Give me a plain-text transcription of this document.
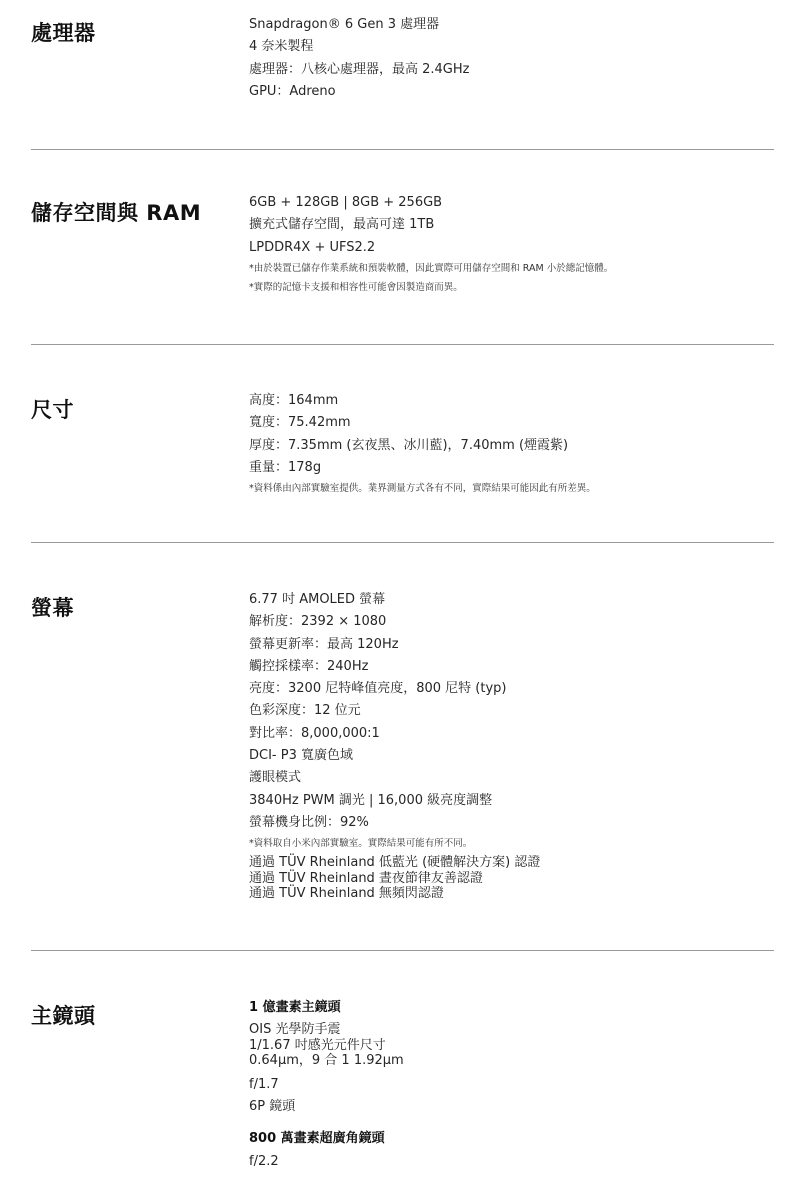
處理器	Snapdragon® 6 Gen 3 處理器
4 奈米製程
處理器：八核心處理器，最高 2.4GHz
GPU：Adreno
儲存空間與 RAM	6GB + 128GB | 8GB + 256GB
擴充式儲存空間，最高可達 1TB
LPDDR4X + UFS2.2
*由於裝置已儲存作業系統和預裝軟體，因此實際可用儲存空間和 RAM 小於總記憶體。
*實際的記憶卡支援和相容性可能會因製造商而異。
尺寸	高度：164mm
寬度：75.42mm
厚度：7.35mm (玄夜黑、冰川藍)，7.40mm (煙霞紫)
重量：178g
*資料係由內部實驗室提供。業界測量方式各有不同，實際結果可能因此有所差異。
螢幕	6.77 吋 AMOLED 螢幕
解析度：2392 × 1080
螢幕更新率：最高 120Hz
觸控採樣率：240Hz
亮度：3200 尼特峰值亮度，800 尼特 (typ)
色彩深度：12 位元
對比率：8,000,000:1
DCI- P3 寬廣色域
護眼模式
3840Hz PWM 調光 | 16,000 級亮度調整
螢幕機身比例：92%
*資料取自小米內部實驗室。實際結果可能有所不同。
通過 TÜV Rheinland 低藍光 (硬體解決方案) 認證
通過 TÜV Rheinland 晝夜節律友善認證
通過 TÜV Rheinland 無頻閃認證
主鏡頭	1 億畫素主鏡頭
OIS 光學防手震
1/1.67 吋感光元件尺寸
0.64μm，9 合 1 1.92μm
f/1.7
6P 鏡頭
800 萬畫素超廣角鏡頭
f/2.2
